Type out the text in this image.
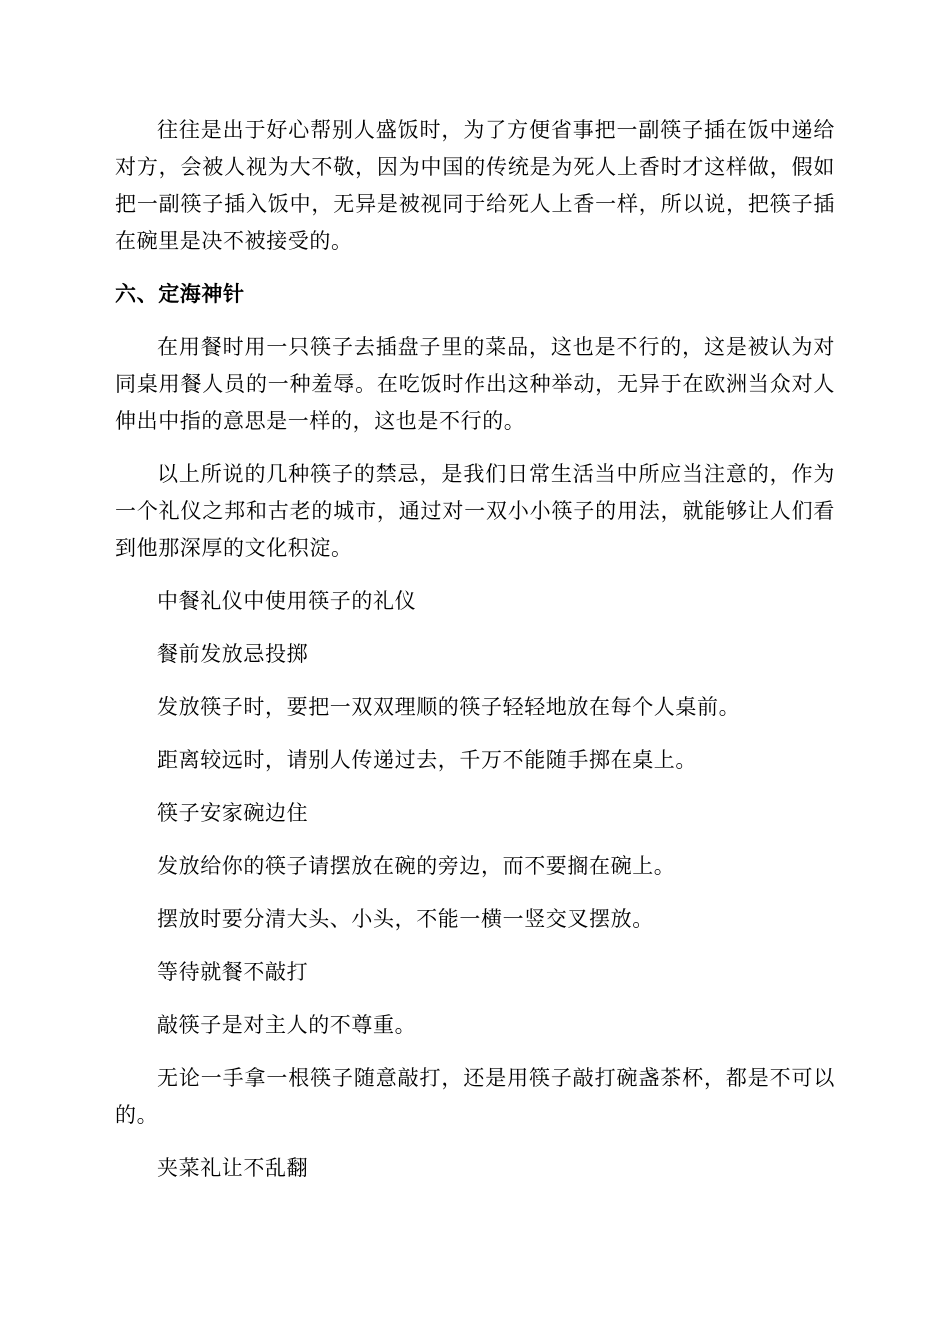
往往是出于好心帮别人盛饭时，为了方便省事把一副筷子插在饭中递给对方，会被人视为大不敬，因为中国的传统是为死人上香时才这样做，假如把一副筷子插入饭中，无异是被视同于给死人上香一样，所以说，把筷子插在碗里是决不被接受的。

六、定海神针

在用餐时用一只筷子去插盘子里的菜品，这也是不行的，这是被认为对同桌用餐人员的一种羞辱。在吃饭时作出这种举动，无异于在欧洲当众对人伸出中指的意思是一样的，这也是不行的。

以上所说的几种筷子的禁忌，是我们日常生活当中所应当注意的，作为一个礼仪之邦和古老的城市，通过对一双小小筷子的用法，就能够让人们看到他那深厚的文化积淀。

中餐礼仪中使用筷子的礼仪

餐前发放忌投掷

发放筷子时，要把一双双理顺的筷子轻轻地放在每个人桌前。

距离较远时，请别人传递过去，千万不能随手掷在桌上。

筷子安家碗边住

发放给你的筷子请摆放在碗的旁边，而不要搁在碗上。

摆放时要分清大头、小头，不能一横一竖交叉摆放。

等待就餐不敲打

敲筷子是对主人的不尊重。

无论一手拿一根筷子随意敲打，还是用筷子敲打碗盏茶杯，都是不可以的。

夹菜礼让不乱翻
